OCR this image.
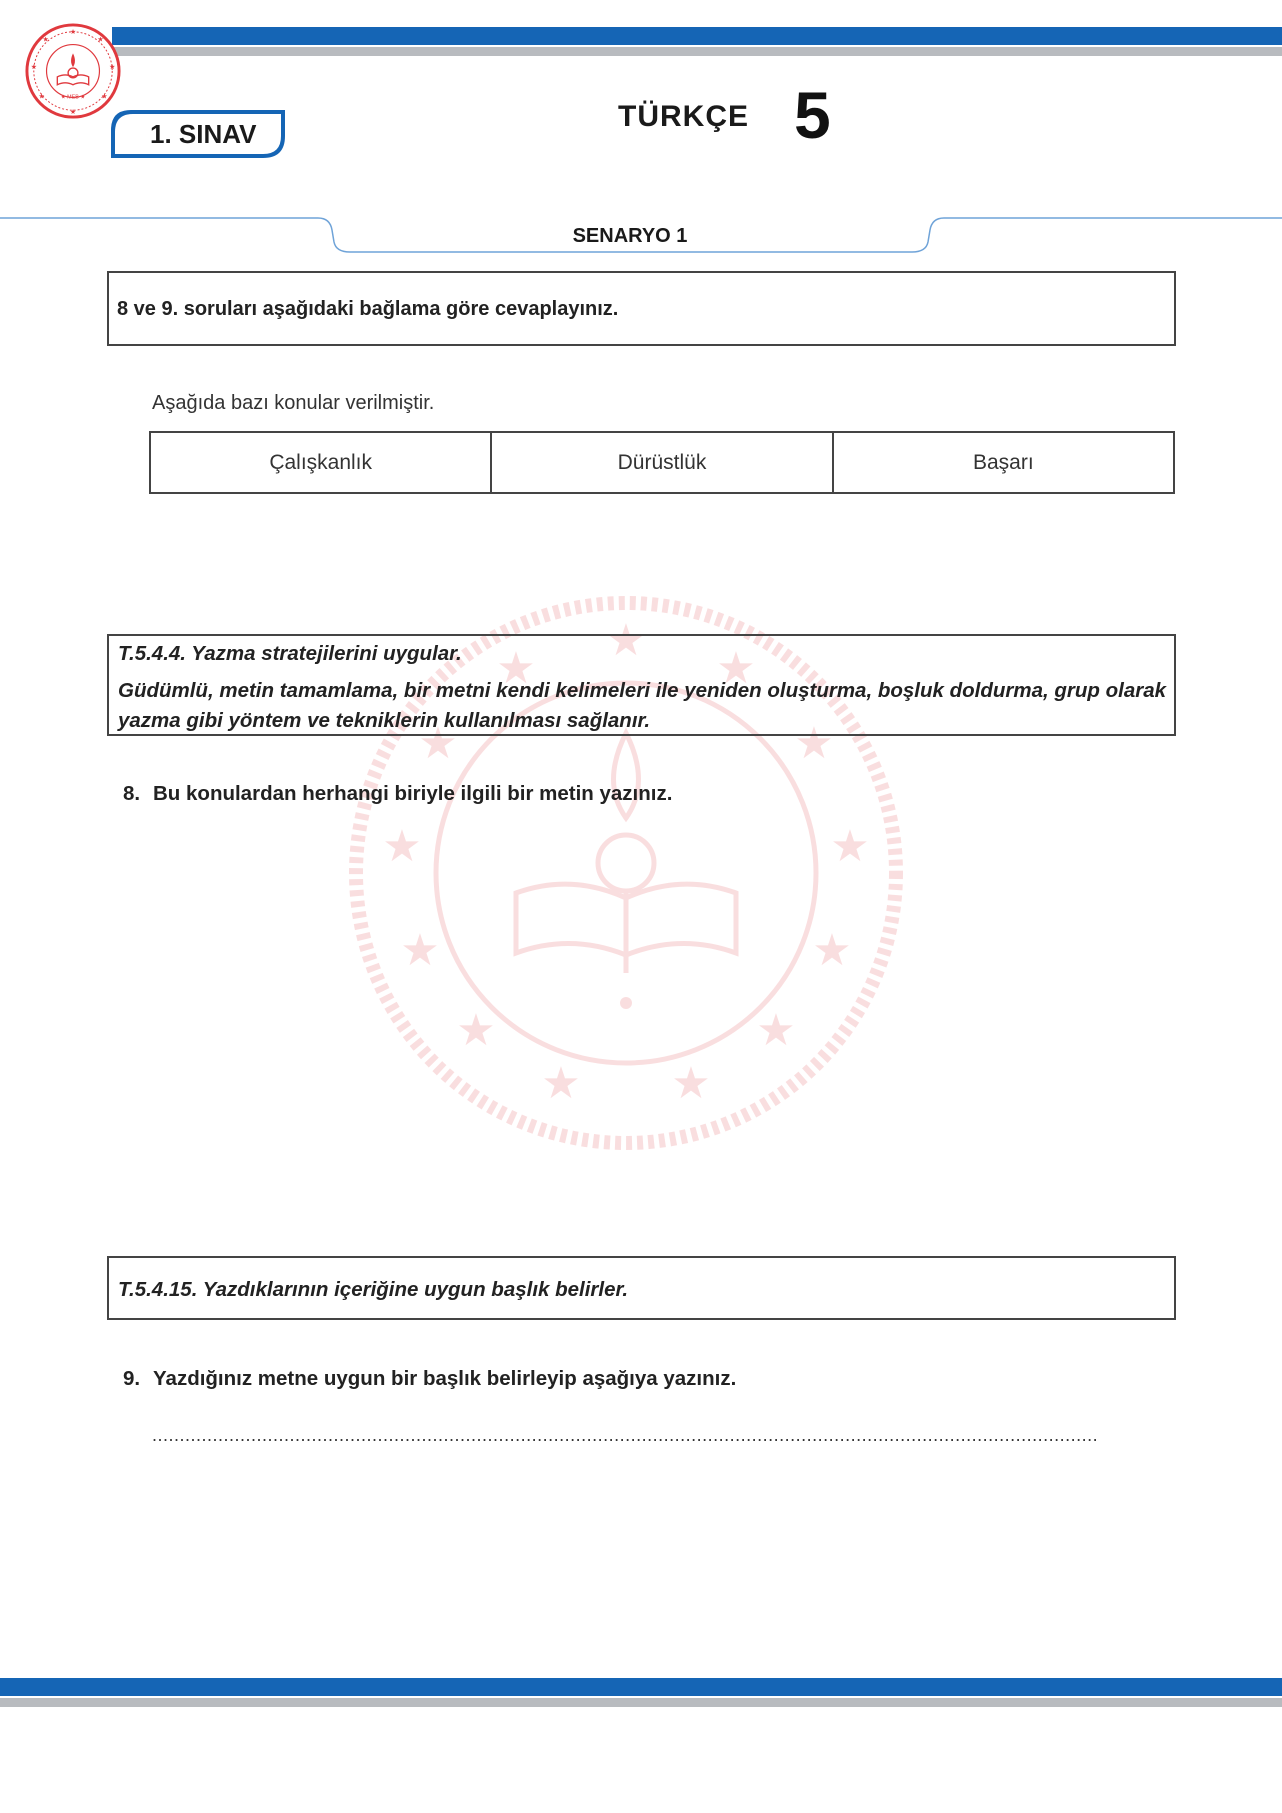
★
★	★
★	★
★	★
★
★ MEB ★
1. SINAV
TÜRKÇE 5
SENARYO 1
8 ve 9. soruları aşağıdaki bağlama göre cevaplayınız.
Aşağıda bazı konular verilmiştir.
Çalışkanlık	Dürüstlük	Başarı
★
★	★
★	★
★	★
★	★
★	★
★ ★
T.5.4.4. Yazma stratejilerini uygular.
Güdümlü, metin tamamlama, bir metni kendi kelimeleri ile yeniden oluşturma, boşluk doldurma, grup olarak yazma gibi yöntem ve tekniklerin kullanılması sağlanır.
8. Bu konulardan herhangi biriyle ilgili bir metin yazınız.
T.5.4.15. Yazdıklarının içeriğine uygun başlık belirler.
9. Yazdığınız metne uygun bir başlık belirleyip aşağıya yazınız.
............................................................................................................................................................................
